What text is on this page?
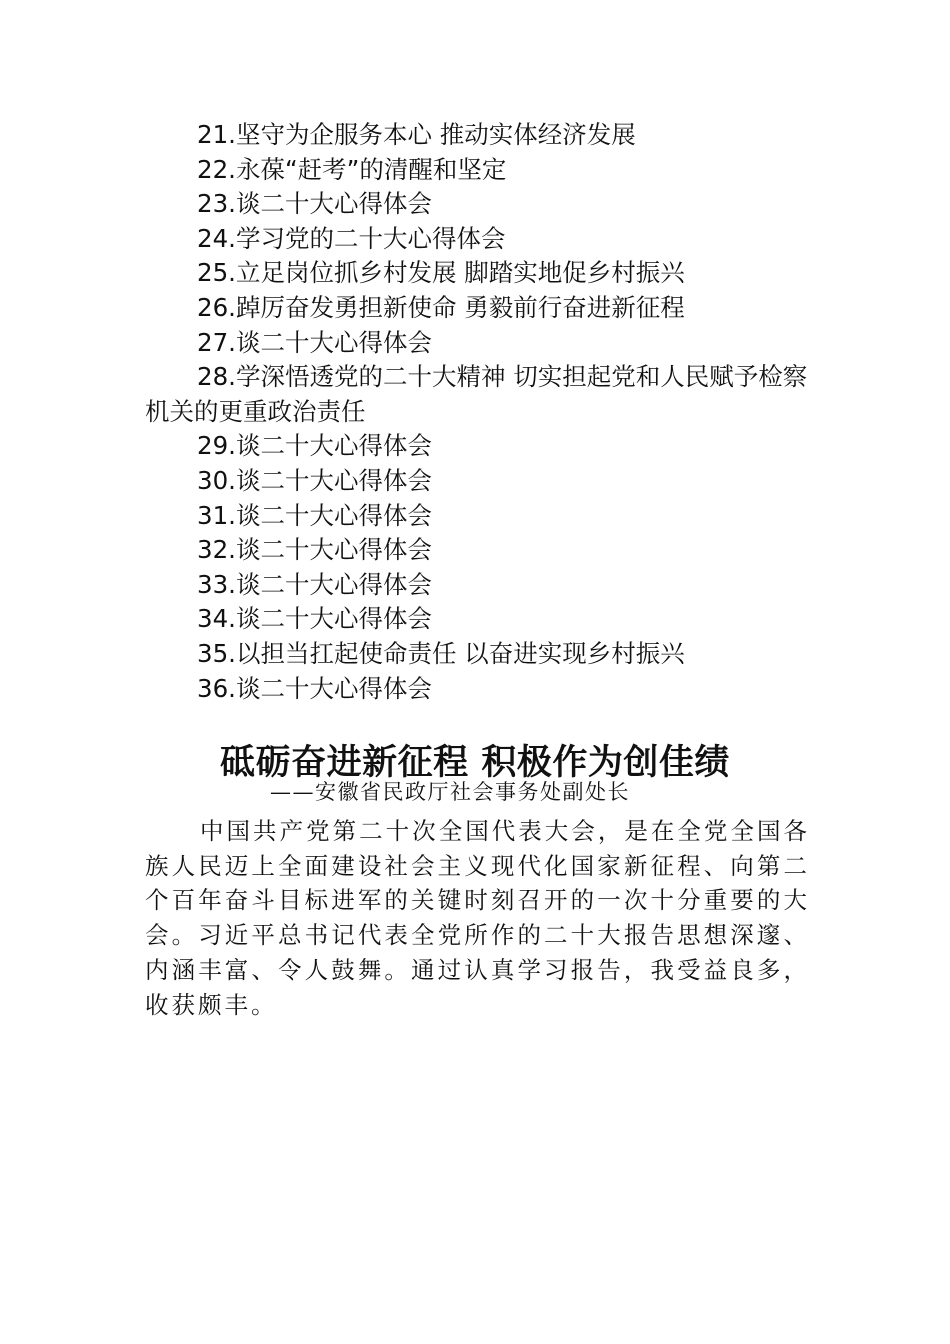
21.坚守为企服务本心 推动实体经济发展
22.永葆“赶考”的清醒和坚定
23.谈二十大心得体会
24.学习党的二十大心得体会
25.立足岗位抓乡村发展 脚踏实地促乡村振兴
26.踔厉奋发勇担新使命 勇毅前行奋进新征程
27.谈二十大心得体会
28.学深悟透党的二十大精神 切实担起党和人民赋予检察机关的更重政治责任
29.谈二十大心得体会
30.谈二十大心得体会
31.谈二十大心得体会
32.谈二十大心得体会
33.谈二十大心得体会
34.谈二十大心得体会
35.以担当扛起使命责任 以奋进实现乡村振兴
36.谈二十大心得体会
砥砺奋进新征程 积极作为创佳绩
——安徽省民政厅社会事务处副处长

中国共产党第二十次全国代表大会，是在全党全国各族人民迈上全面建设社会主义现代化国家新征程、向第二个百年奋斗目标进军的关键时刻召开的一次十分重要的大会。习近平总书记代表全党所作的二十大报告思想深邃、内涵丰富、令人鼓舞。通过认真学习报告，我受益良多，收获颇丰。
